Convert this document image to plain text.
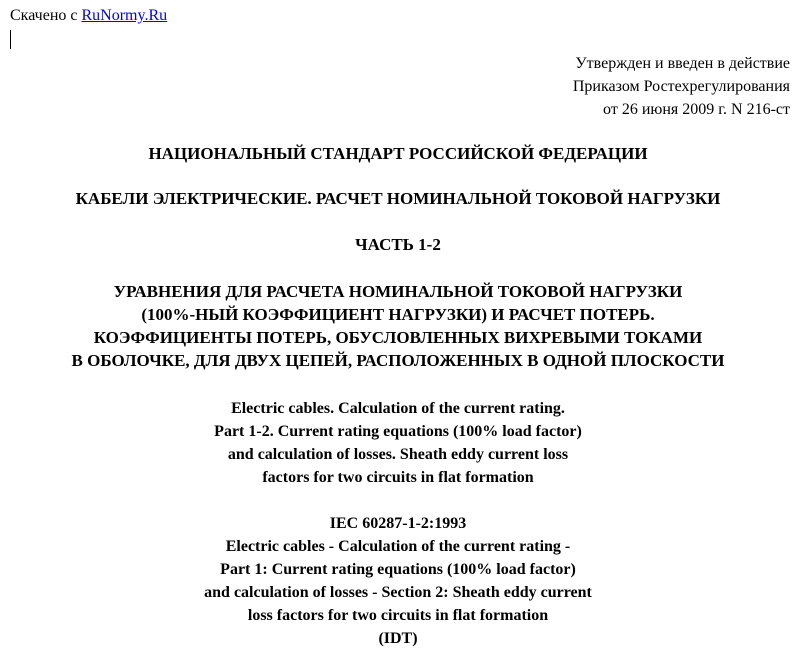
Скачено с RuNormy.Ru
Утвержден и введен в действие
Приказом Ростехрегулирования
от 26 июня 2009 г. N 216-ст
НАЦИОНАЛЬНЫЙ СТАНДАРТ РОССИЙСКОЙ ФЕДЕРАЦИИ
КАБЕЛИ ЭЛЕКТРИЧЕСКИЕ. РАСЧЕТ НОМИНАЛЬНОЙ ТОКОВОЙ НАГРУЗКИ
ЧАСТЬ 1-2
УРАВНЕНИЯ ДЛЯ РАСЧЕТА НОМИНАЛЬНОЙ ТОКОВОЙ НАГРУЗКИ
(100%-НЫЙ КОЭФФИЦИЕНТ НАГРУЗКИ) И РАСЧЕТ ПОТЕРЬ.
КОЭФФИЦИЕНТЫ ПОТЕРЬ, ОБУСЛОВЛЕННЫХ ВИХРЕВЫМИ ТОКАМИ
В ОБОЛОЧКЕ, ДЛЯ ДВУХ ЦЕПЕЙ, РАСПОЛОЖЕННЫХ В ОДНОЙ ПЛОСКОСТИ
Electric cables. Calculation of the current rating.
Part 1-2. Current rating equations (100% load factor)
and calculation of losses. Sheath eddy current loss
factors for two circuits in flat formation
IEC 60287-1-2:1993
Electric cables - Calculation of the current rating -
Part 1: Current rating equations (100% load factor)
and calculation of losses - Section 2: Sheath eddy current
loss factors for two circuits in flat formation
(IDT)
